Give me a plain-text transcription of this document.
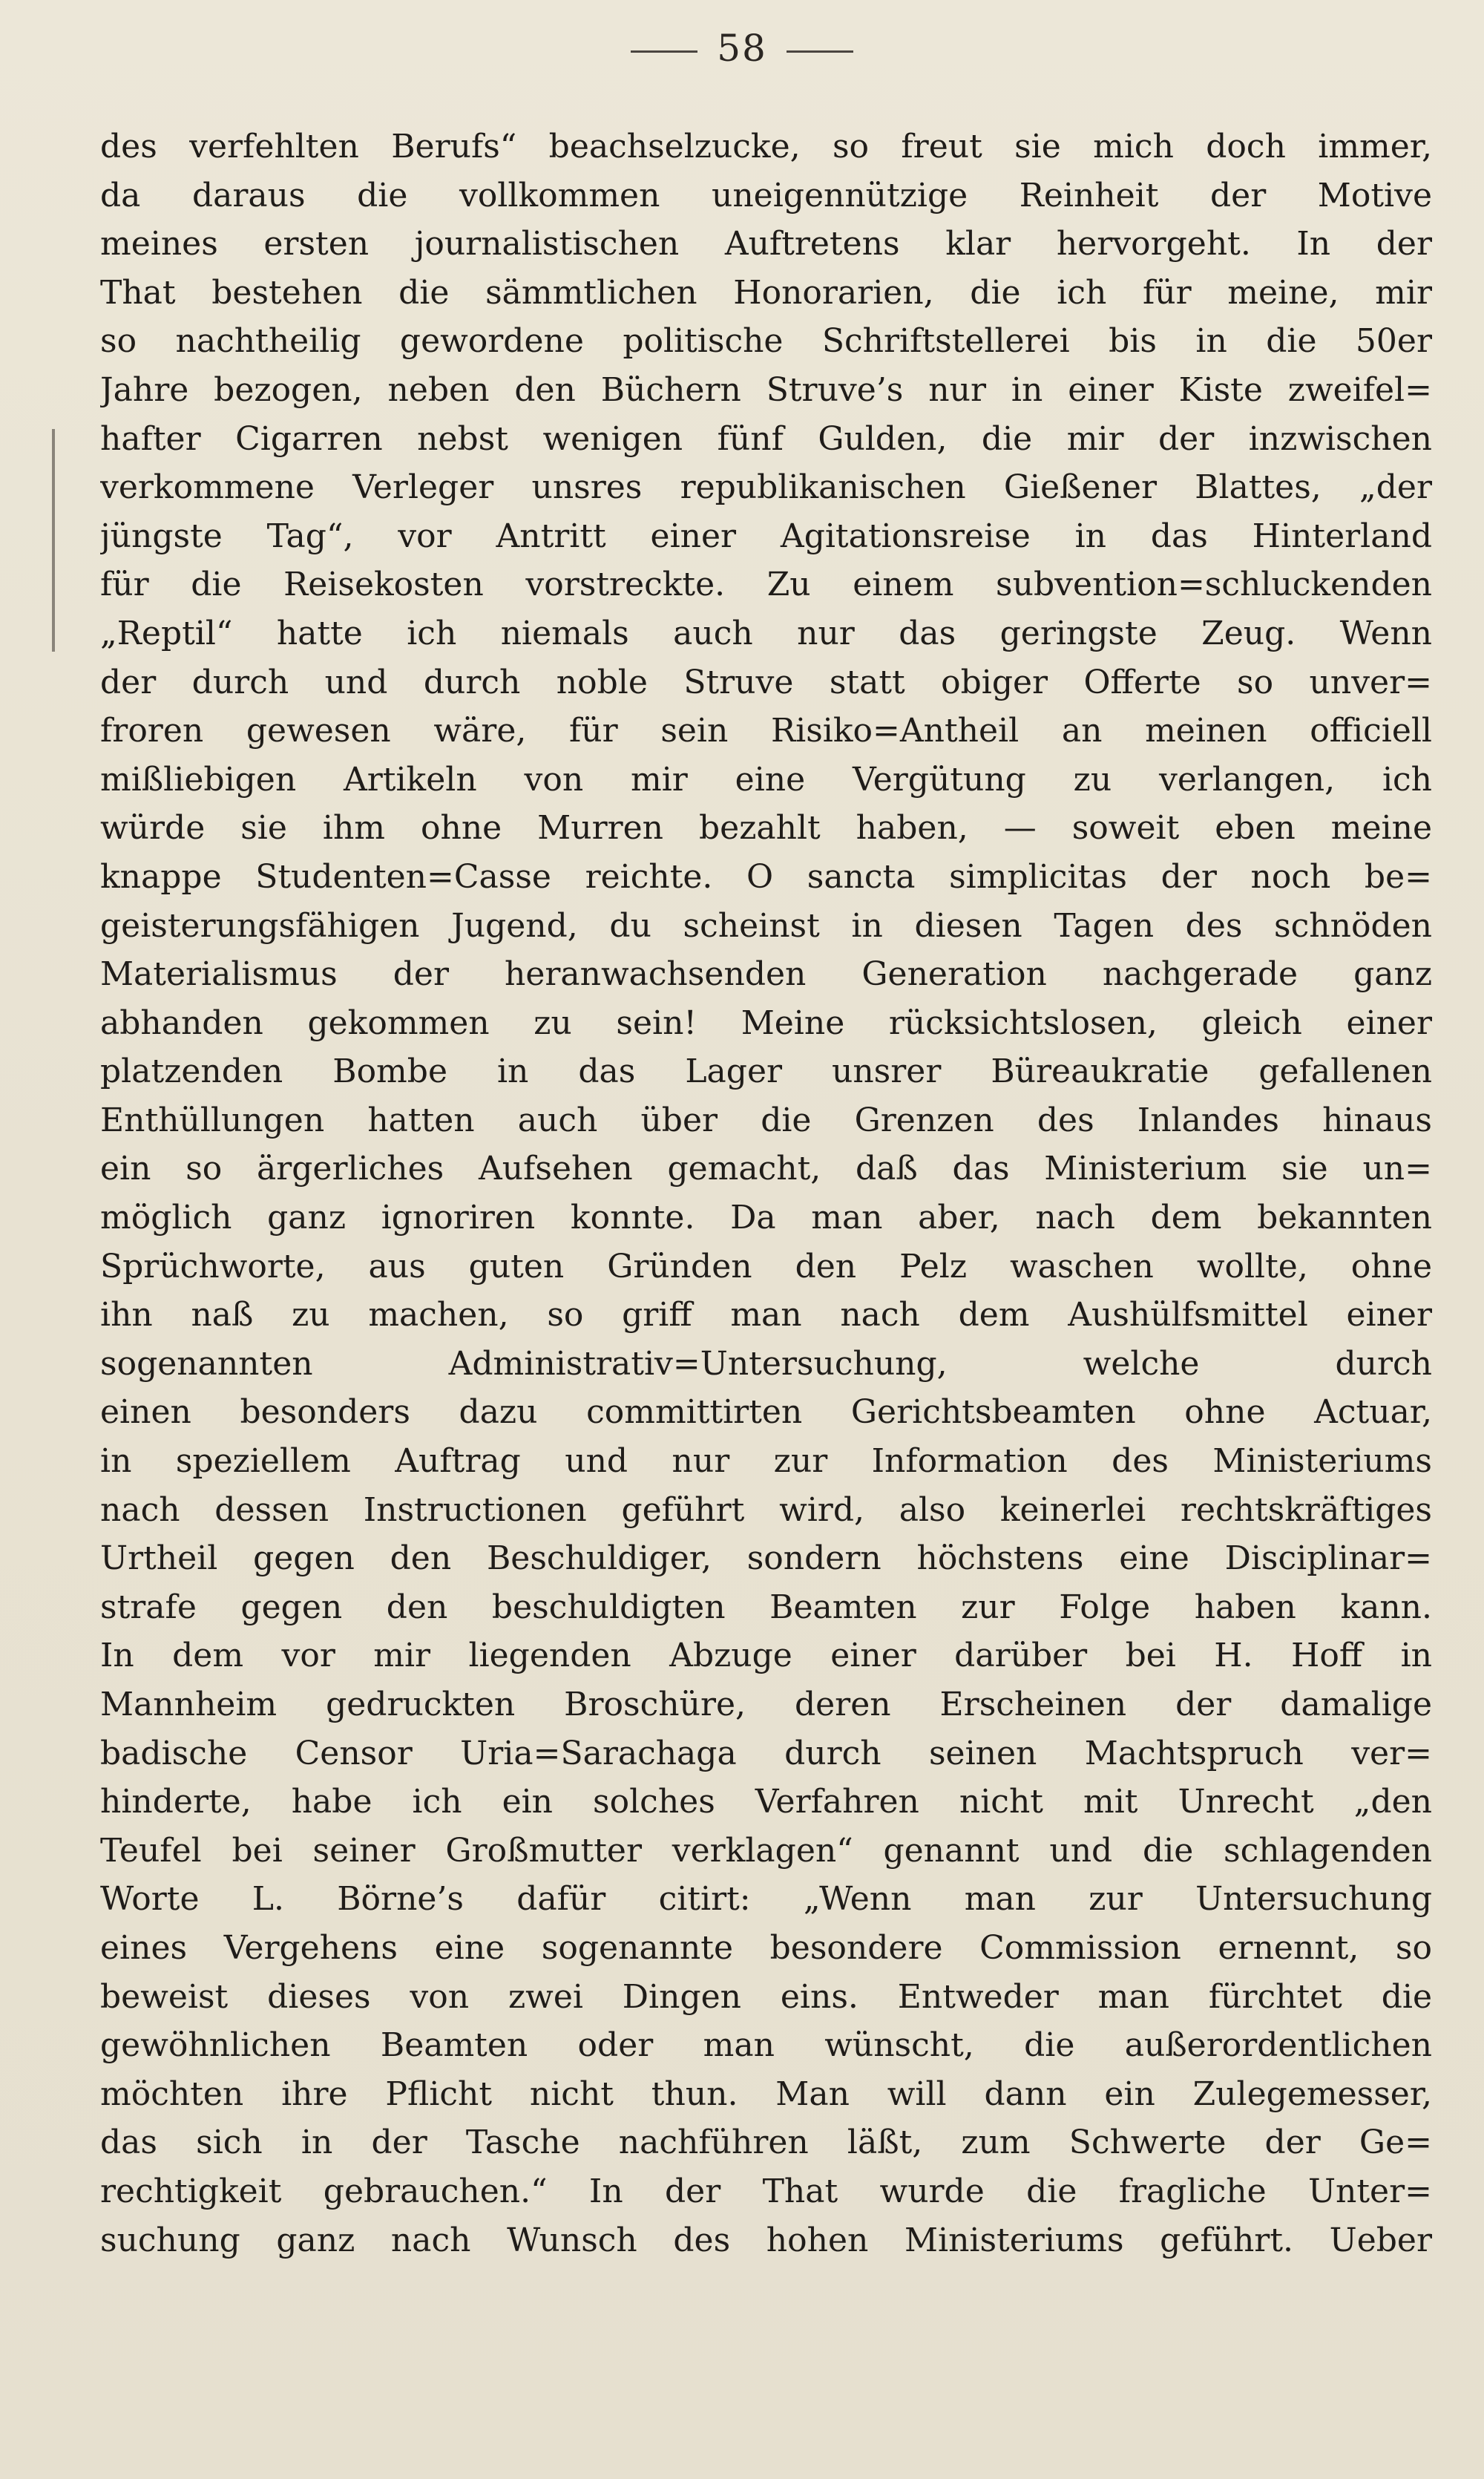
58
des verfehlten Berufs“ beachselzucke, so freut sie mich doch immer,
da daraus die vollkommen uneigennützige Reinheit der Motive
meines ersten journalistischen Auftretens klar hervorgeht. In der
That bestehen die sämmtlichen Honorarien, die ich für meine, mir
so nachtheilig gewordene politische Schriftstellerei bis in die 50er
Jahre bezogen, neben den Büchern Struve’s nur in einer Kiste zweifel=
hafter Cigarren nebst wenigen fünf Gulden, die mir der inzwischen
verkommene Verleger unsres republikanischen Gießener Blattes, „der
jüngste Tag“, vor Antritt einer Agitationsreise in das Hinterland
für die Reisekosten vorstreckte. Zu einem subvention=schluckenden
„Reptil“ hatte ich niemals auch nur das geringste Zeug. Wenn
der durch und durch noble Struve statt obiger Offerte so unver=
froren gewesen wäre, für sein Risiko=Antheil an meinen officiell
mißliebigen Artikeln von mir eine Vergütung zu verlangen, ich
würde sie ihm ohne Murren bezahlt haben, — soweit eben meine
knappe Studenten=Casse reichte. O sancta simplicitas der noch be=
geisterungsfähigen Jugend, du scheinst in diesen Tagen des schnöden
Materialismus der heranwachsenden Generation nachgerade ganz
abhanden gekommen zu sein! Meine rücksichtslosen, gleich einer
platzenden Bombe in das Lager unsrer Büreaukratie gefallenen
Enthüllungen hatten auch über die Grenzen des Inlandes hinaus
ein so ärgerliches Aufsehen gemacht, daß das Ministerium sie un=
möglich ganz ignoriren konnte. Da man aber, nach dem bekannten
Sprüchworte, aus guten Gründen den Pelz waschen wollte, ohne
ihn naß zu machen, so griff man nach dem Aushülfsmittel einer
sogenannten Administrativ=Untersuchung, welche durch
einen besonders dazu committirten Gerichtsbeamten ohne Actuar,
in speziellem Auftrag und nur zur Information des Ministeriums
nach dessen Instructionen geführt wird, also keinerlei rechtskräftiges
Urtheil gegen den Beschuldiger, sondern höchstens eine Disciplinar=
strafe gegen den beschuldigten Beamten zur Folge haben kann.
In dem vor mir liegenden Abzuge einer darüber bei H. Hoff in
Mannheim gedruckten Broschüre, deren Erscheinen der damalige
badische Censor Uria=Sarachaga durch seinen Machtspruch ver=
hinderte, habe ich ein solches Verfahren nicht mit Unrecht „den
Teufel bei seiner Großmutter verklagen“ genannt und die schlagenden
Worte L. Börne’s dafür citirt: „Wenn man zur Untersuchung
eines Vergehens eine sogenannte besondere Commission ernennt, so
beweist dieses von zwei Dingen eins. Entweder man fürchtet die
gewöhnlichen Beamten oder man wünscht, die außerordentlichen
möchten ihre Pflicht nicht thun. Man will dann ein Zulegemesser,
das sich in der Tasche nachführen läßt, zum Schwerte der Ge=
rechtigkeit gebrauchen.“ In der That wurde die fragliche Unter=
suchung ganz nach Wunsch des hohen Ministeriums geführt. Ueber
